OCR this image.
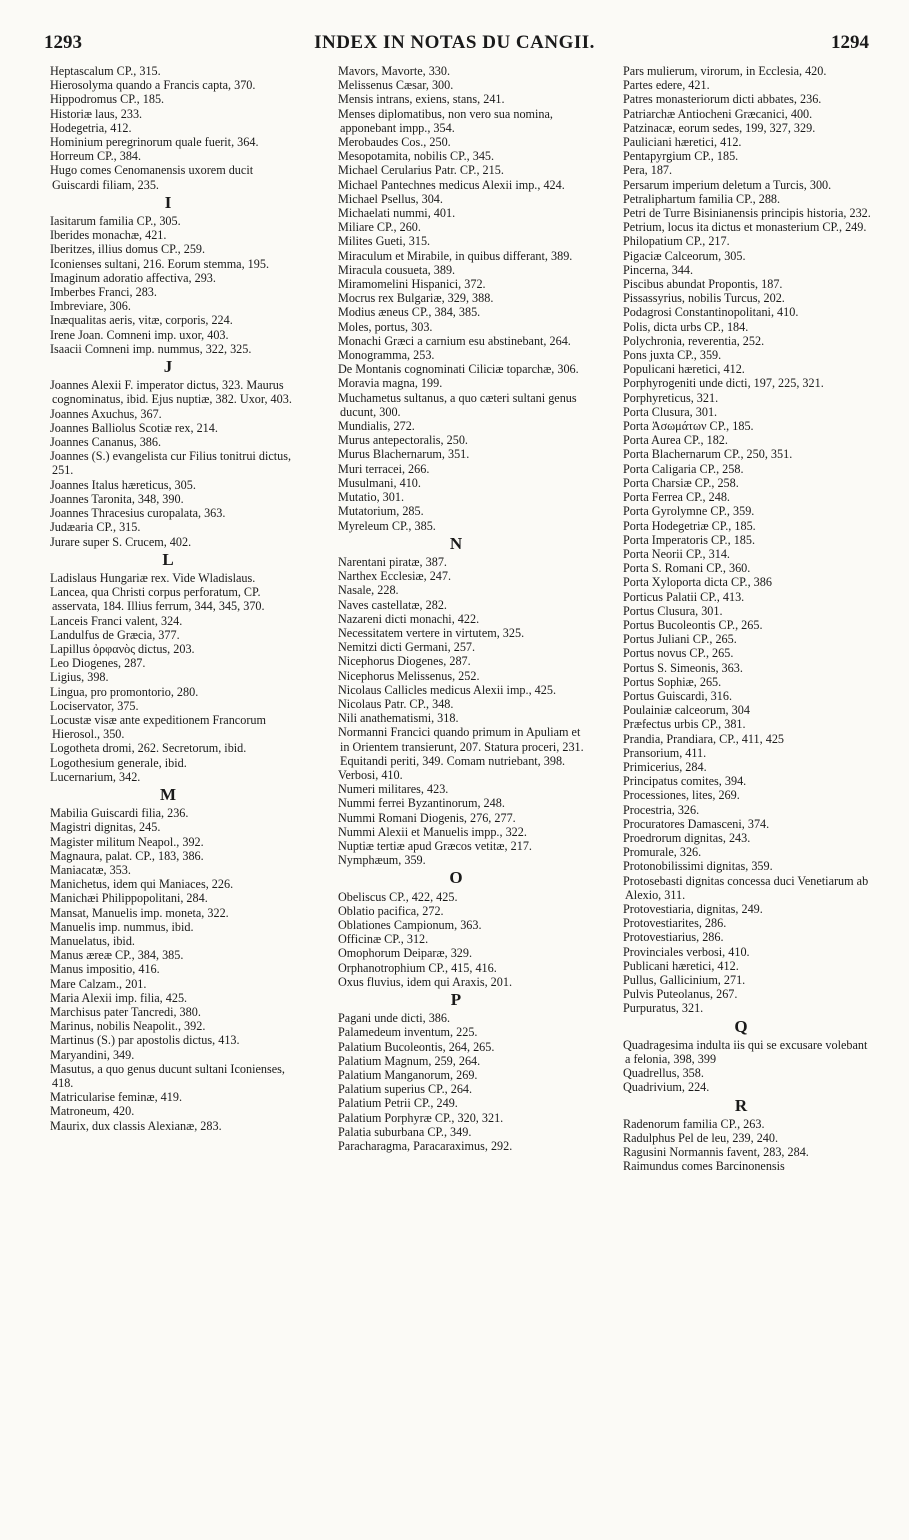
1293	INDEX IN NOTAS DU CANGII.	1294
Heptascalum CP., 315.
Hierosolyma quando a Francis capta, 370.
Hippodromus CP., 185.
Historiæ laus, 233.
Hodegetria, 412.
Hominium peregrinorum quale fuerit, 364.
Horreum CP., 384.
Hugo comes Cenomanensis uxorem ducit Guiscardi filiam, 235.
I
Iasitarum familia CP., 305.
Iberides monachæ, 421.
Iberitzes, illius domus CP., 259.
Iconienses sultani, 216. Eorum stemma, 195.
Imaginum adoratio affectiva, 293.
Imberbes Franci, 283.
Imbreviare, 306.
Inæqualitas aeris, vitæ, corporis, 224.
Irene Joan. Comneni imp. uxor, 403.
Isaacii Comneni imp. nummus, 322, 325.
J
Joannes Alexii F. imperator dictus, 323. Maurus cognominatus, ibid. Ejus nuptiæ, 382. Uxor, 403.
Joannes Axuchus, 367.
Joannes Balliolus Scotiæ rex, 214.
Joannes Cananus, 386.
Joannes (S.) evangelista cur Filius tonitrui dictus, 251.
Joannes Italus hæreticus, 305.
Joannes Taronita, 348, 390.
Joannes Thracesius curopalata, 363.
Judæaria CP., 315.
Jurare super S. Crucem, 402.
L
Ladislaus Hungariæ rex. Vide Wladislaus.
Lancea, qua Christi corpus perforatum, CP. asservata, 184. Illius ferrum, 344, 345, 370.
Lanceis Franci valent, 324.
Landulfus de Græcia, 377.
Lapillus ὀρφανὸς dictus, 203.
Leo Diogenes, 287.
Ligius, 398.
Lingua, pro promontorio, 280.
Lociservator, 375.
Locustæ visæ ante expeditionem Francorum Hierosol., 350.
Logotheta dromi, 262. Secretorum, ibid.
Logothesium generale, ibid.
Lucernarium, 342.
M
Mabilia Guiscardi filia, 236.
Magistri dignitas, 245.
Magister militum Neapol., 392.
Magnaura, palat. CP., 183, 386.
Maniacatæ, 353.
Manichetus, idem qui Maniaces, 226.
Manichæi Philippopolitani, 284.
Mansat, Manuelis imp. moneta, 322.
Manuelis imp. nummus, ibid.
Manuelatus, ibid.
Manus æreæ CP., 384, 385.
Manus impositio, 416.
Mare Calzam., 201.
Maria Alexii imp. filia, 425.
Marchisus pater Tancredi, 380.
Marinus, nobilis Neapolit., 392.
Martinus (S.) par apostolis dictus, 413.
Maryandini, 349.
Masutus, a quo genus ducunt sultani Iconienses, 418.
Matricularise feminæ, 419.
Matroneum, 420.
Maurix, dux classis Alexianæ, 283.
Mavors, Mavorte, 330.
Melissenus Cæsar, 300.
Mensis intrans, exiens, stans, 241.
Menses diplomatibus, non vero sua nomina, apponebant impp., 354.
Merobaudes Cos., 250.
Mesopotamita, nobilis CP., 345.
Michael Cerularius Patr. CP., 215.
Michael Pantechnes medicus Alexii imp., 424.
Michael Psellus, 304.
Michaelati nummi, 401.
Miliare CP., 260.
Milites Gueti, 315.
Miraculum et Mirabile, in quibus differant, 389.
Miracula cousueta, 389.
Miramomelini Hispanici, 372.
Mocrus rex Bulgariæ, 329, 388.
Modius æneus CP., 384, 385.
Moles, portus, 303.
Monachi Græci a carnium esu abstinebant, 264.
Monogramma, 253.
De Montanis cognominati Ciliciæ toparchæ, 306.
Moravia magna, 199.
Muchametus sultanus, a quo cæteri sultani genus ducunt, 300.
Mundialis, 272.
Murus antepectoralis, 250.
Murus Blachernarum, 351.
Muri terracei, 266.
Musulmani, 410.
Mutatio, 301.
Mutatorium, 285.
Myreleum CP., 385.
N
Narentani piratæ, 387.
Narthex Ecclesiæ, 247.
Nasale, 228.
Naves castellatæ, 282.
Nazareni dicti monachi, 422.
Necessitatem vertere in virtutem, 325.
Nemitzi dicti Germani, 257.
Nicephorus Diogenes, 287.
Nicephorus Melissenus, 252.
Nicolaus Callicles medicus Alexii imp., 425.
Nicolaus Patr. CP., 348.
Nili anathematismi, 318.
Normanni Francici quando primum in Apuliam et in Orientem transierunt, 207. Statura proceri, 231. Equitandi periti, 349. Comam nutriebant, 398.
Verbosi, 410.
Numeri militares, 423.
Nummi ferrei Byzantinorum, 248.
Nummi Romani Diogenis, 276, 277.
Nummi Alexii et Manuelis impp., 322.
Nuptiæ tertiæ apud Græcos vetitæ, 217.
Nymphæum, 359.
O
Obeliscus CP., 422, 425.
Oblatio pacifica, 272.
Oblationes Campionum, 363.
Officinæ CP., 312.
Omophorum Deiparæ, 329.
Orphanotrophium CP., 415, 416.
Oxus fluvius, idem qui Araxis, 201.
P
Pagani unde dicti, 386.
Palamedeum inventum, 225.
Palatium Bucoleontis, 264, 265.
Palatium Magnum, 259, 264.
Palatium Manganorum, 269.
Palatium superius CP., 264.
Palatium Petrii CP., 249.
Palatium Porphyræ CP., 320, 321.
Palatia suburbana CP., 349.
Paracharagma, Paracaraximus, 292.
Pars mulierum, virorum, in Ecclesia, 420.
Partes edere, 421.
Patres monasteriorum dicti abbates, 236.
Patriarchæ Antiocheni Græcanici, 400.
Patzinacæ, eorum sedes, 199, 327, 329.
Pauliciani hæretici, 412.
Pentapyrgium CP., 185.
Pera, 187.
Persarum imperium deletum a Turcis, 300.
Petraliphartum familia CP., 288.
Petri de Turre Bisinianensis principis historia, 232.
Petrium, locus ita dictus et monasterium CP., 249.
Philopatium CP., 217.
Pigaciæ Calceorum, 305.
Pincerna, 344.
Piscibus abundat Propontis, 187.
Pissassyrius, nobilis Turcus, 202.
Podagrosi Constantinopolitani, 410.
Polis, dicta urbs CP., 184.
Polychronia, reverentia, 252.
Pons juxta CP., 359.
Populicani hæretici, 412.
Porphyrogeniti unde dicti, 197, 225, 321.
Porphyreticus, 321.
Porta Clusura, 301.
Porta Ἀσωμάτων CP., 185.
Porta Aurea CP., 182.
Porta Blachernarum CP., 250, 351.
Porta Caligaria CP., 258.
Porta Charsiæ CP., 258.
Porta Ferrea CP., 248.
Porta Gyrolymne CP., 359.
Porta Hodegetriæ CP., 185.
Porta Imperatoris CP., 185.
Porta Neorii CP., 314.
Porta S. Romani CP., 360.
Porta Xyloporta dicta CP., 386
Porticus Palatii CP., 413.
Portus Clusura, 301.
Portus Bucoleontis CP., 265.
Portus Juliani CP., 265.
Portus novus CP., 265.
Portus S. Simeonis, 363.
Portus Sophiæ, 265.
Portus Guiscardi, 316.
Poulainiæ calceorum, 304
Præfectus urbis CP., 381.
Prandia, Prandiara, CP., 411, 425
Pransorium, 411.
Primicerius, 284.
Principatus comites, 394.
Processiones, lites, 269.
Procestria, 326.
Procuratores Damasceni, 374.
Proedrorum dignitas, 243.
Promurale, 326.
Protonobilissimi dignitas, 359.
Protosebasti dignitas concessa duci Venetiarum ab Alexio, 311.
Protovestiaria, dignitas, 249.
Protovestiarites, 286.
Protovestiarius, 286.
Provinciales verbosi, 410.
Publicani hæretici, 412.
Pullus, Gallicinium, 271.
Pulvis Puteolanus, 267.
Purpuratus, 321.
Q
Quadragesima indulta iis qui se excusare volebant a felonia, 398, 399
Quadrellus, 358.
Quadrivium, 224.
R
Radenorum familia CP., 263.
Radulphus Pel de leu, 239, 240.
Ragusini Normannis favent, 283, 284.
Raimundus comes Barcinonensis
